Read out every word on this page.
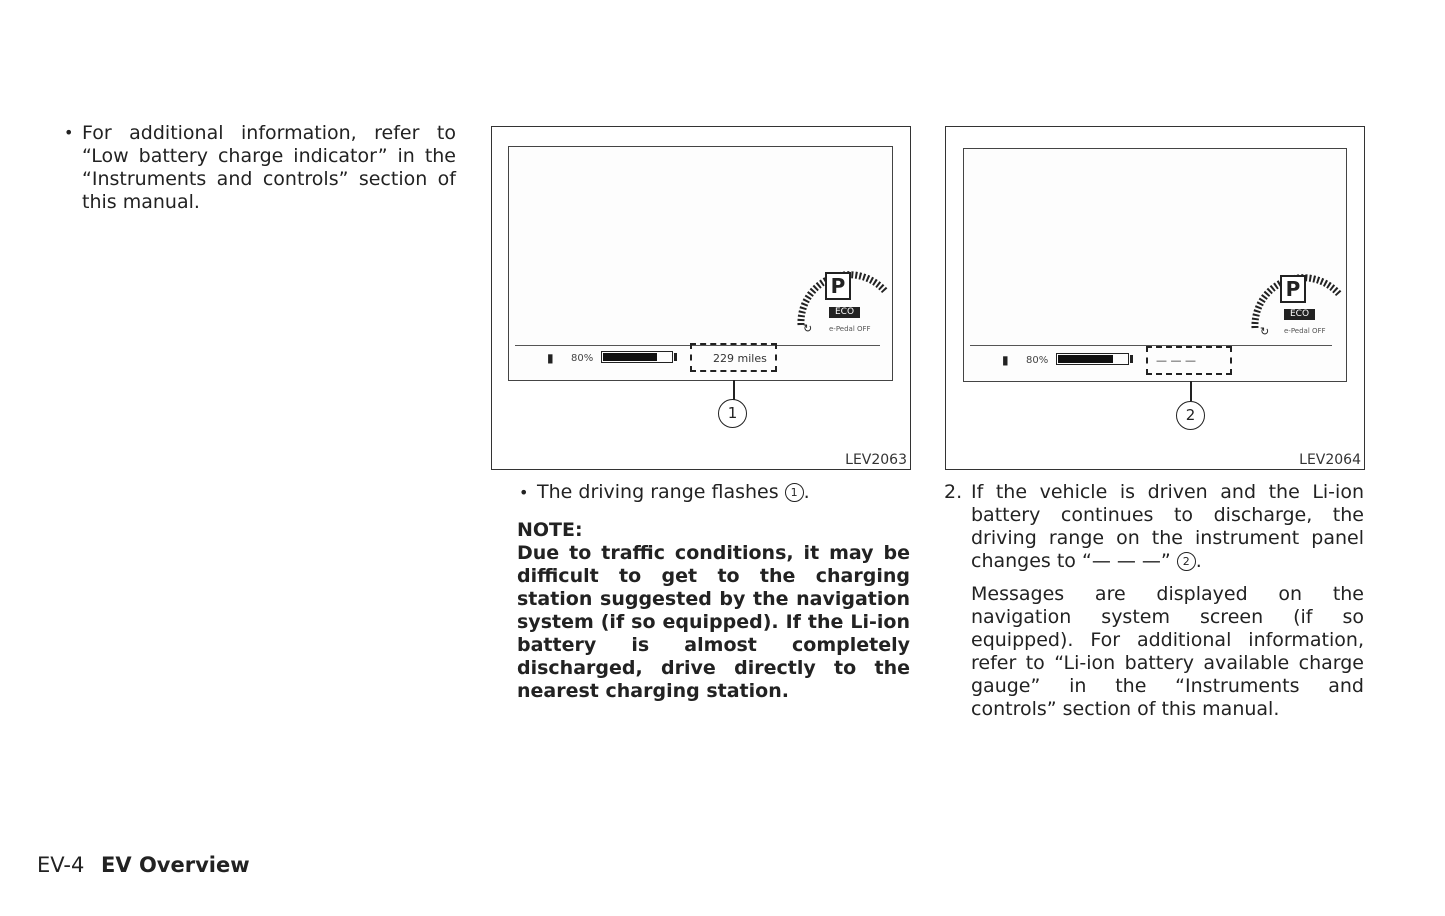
• For additional information, refer to “Low battery charge indicator” in the “Instruments and controls” section of this manual.
P
ECO
e-Pedal OFF
↻
▮ 80%	229 miles
1
LEV2063
P
ECO
e-Pedal OFF
↻
▮ 80%	— — —
2
LEV2064
• The driving range flashes 1 .
NOTE:
Due to traffic conditions, it may be difficult to get to the charging station suggested by the navigation system (if so equipped). If the Li-ion battery is almost completely discharged, drive directly to the nearest charging station.
2. If the vehicle is driven and the Li-ion battery continues to discharge, the driving range on the instrument panel changes to “— — —” 2 .
Messages are displayed on the navigation system screen (if so equipped). For additional information, refer to “Li-ion battery available charge gauge” in the “Instruments and controls” section of this manual.
EV-4 EV Overview
